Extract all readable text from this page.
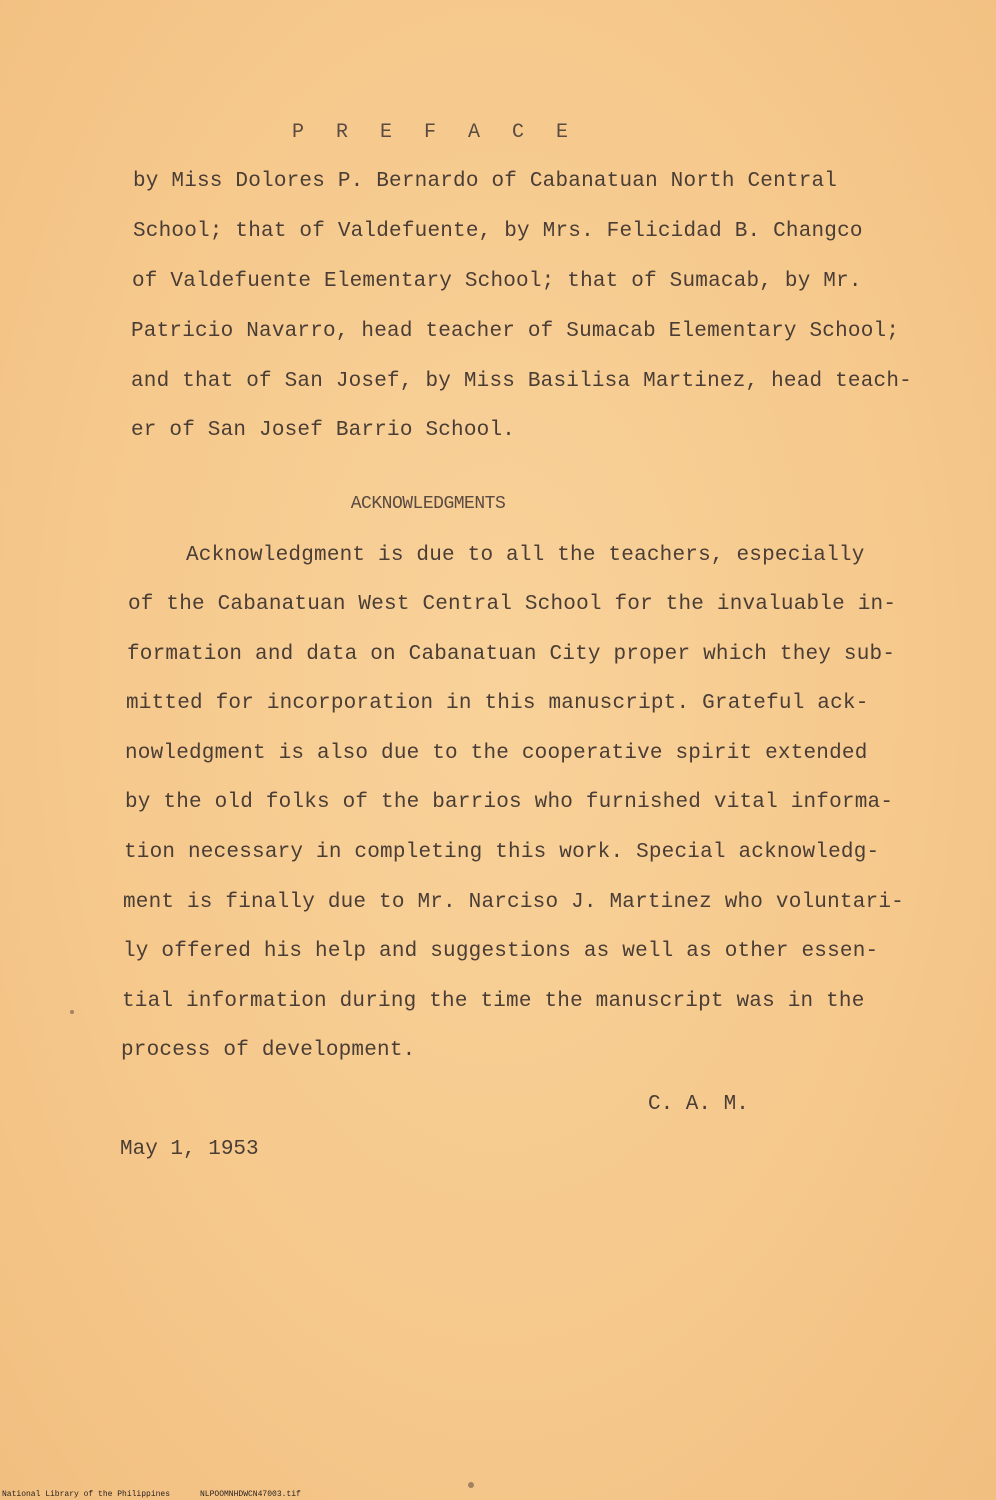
P R E F A C E
by Miss Dolores P. Bernardo of Cabanatuan North Central
School; that of Valdefuente, by Mrs. Felicidad B. Changco
of Valdefuente Elementary School; that of Sumacab, by Mr.
Patricio Navarro, head teacher of Sumacab Elementary School;
and that of San Josef, by Miss Basilisa Martinez, head teach-
er of San Josef Barrio School.
ACKNOWLEDGMENTS
Acknowledgment is due to all the teachers, especially
of the Cabanatuan West Central School for the invaluable in-
formation and data on Cabanatuan City proper which they sub-
mitted for incorporation in this manuscript. Grateful ack-
nowledgment is also due to the cooperative spirit extended
by the old folks of the barrios who furnished vital informa-
tion necessary in completing this work. Special acknowledg-
ment is finally due to Mr. Narciso J. Martinez who voluntari-
ly offered his help and suggestions as well as other essen-
tial information during the time the manuscript was in the
process of development.
C. A. M.
May 1, 1953
National Library of the Philippines	NLPOOMNHDWCN47003.tif
